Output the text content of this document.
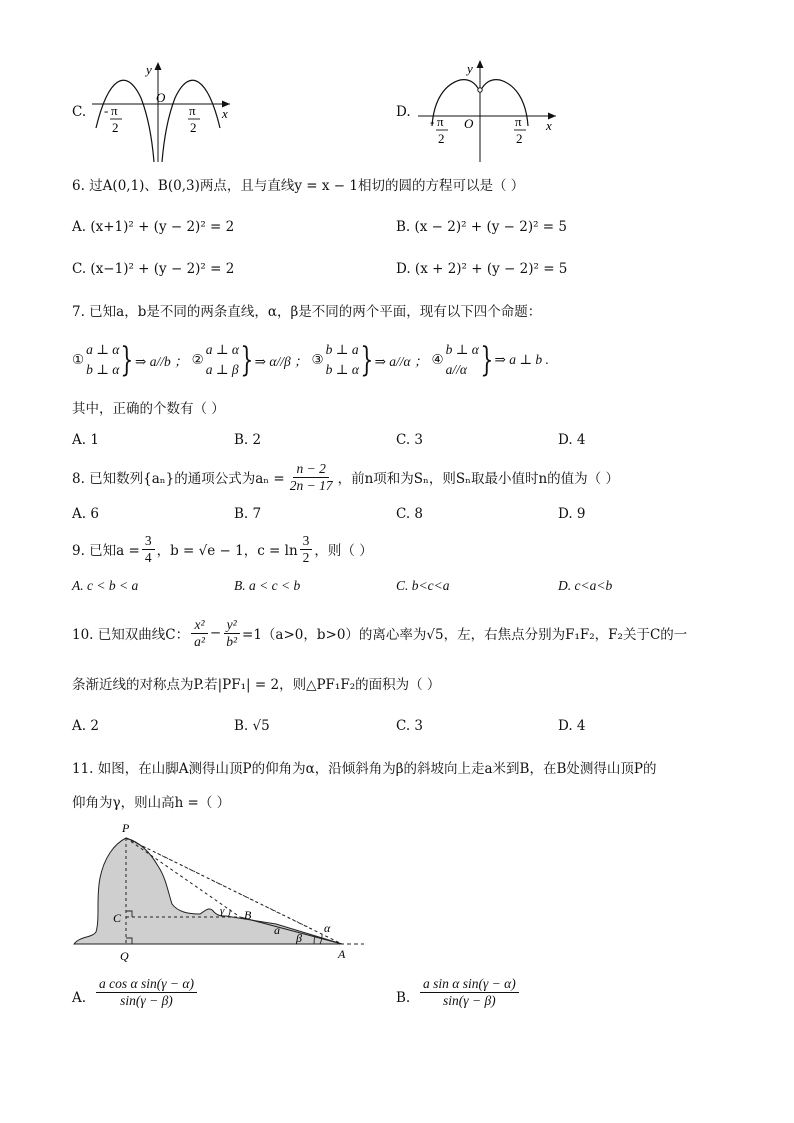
C.
y
x
O
- π
2
π
2
D.
y
x
O
- π
2
π
2
6. 过A(0,1)、B(0,3)两点，且与直线y = x − 1相切的圆的方程可以是（ ）
A. (x+1)² + (y − 2)² = 2	B. (x − 2)² + (y − 2)² = 5
C. (x−1)² + (y − 2)² = 2	D. (x + 2)² + (y − 2)² = 5
7. 已知a，b是不同的两条直线，α，β是不同的两个平面，现有以下四个命题：
①
a ⊥ α
b ⊥ α } ⇒ a//b ； ②
a ⊥ α
a ⊥ β } ⇒ α//β ； ③
b ⊥ a
b ⊥ α } ⇒ a//α ； ④
b ⊥ α
a//α } ⇒ a ⊥ b .
其中，正确的个数有（ ）
A. 1	B. 2	C. 3	D. 4
8. 已知数列{aₙ}的通项公式为$a_n = \frac{n - 2}{2n - 17}$ ，前n项和为Sₙ，则Sₙ取最小值时n的值为（ ）
A. 6	B. 7	C. 8	D. 9
9. 已知$a = \frac{3}{4}$ ，b = √e − 1，$c = \ln \frac{3}{2}$ ，则（ ）
A. c < b < a	B. a < c < b	C. b<c<a	D. c<a<b
10. 已知双曲线C： $\frac{\text{x²}}{\text{a²}} - \frac{\text{y²}}{\text{b²}} =1(a>0$，b>0）的离心率为√5，左，右焦点分别为F₁F₂，F₂关于C的一
条渐近线的对称点为P.若|PF₁| = 2，则△PF₁F₂的面积为（ ）
A. 2	B. √5	C. 3	D. 4
11. 如图，在山脚A测得山顶P的仰角为α，沿倾斜角为β的斜坡向上走a米到B，在B处测得山顶P的
仰角为γ，则山高h =（ ）
P
C	B
Q	A
a	α
β
γ
A. $\frac{\text{a cos α sin(γ − α)}}{\sin(\gamma - \beta)}$	B. $\frac{\text{a sin α sin(γ − α)}}{\sin(\gamma - \beta)}$
